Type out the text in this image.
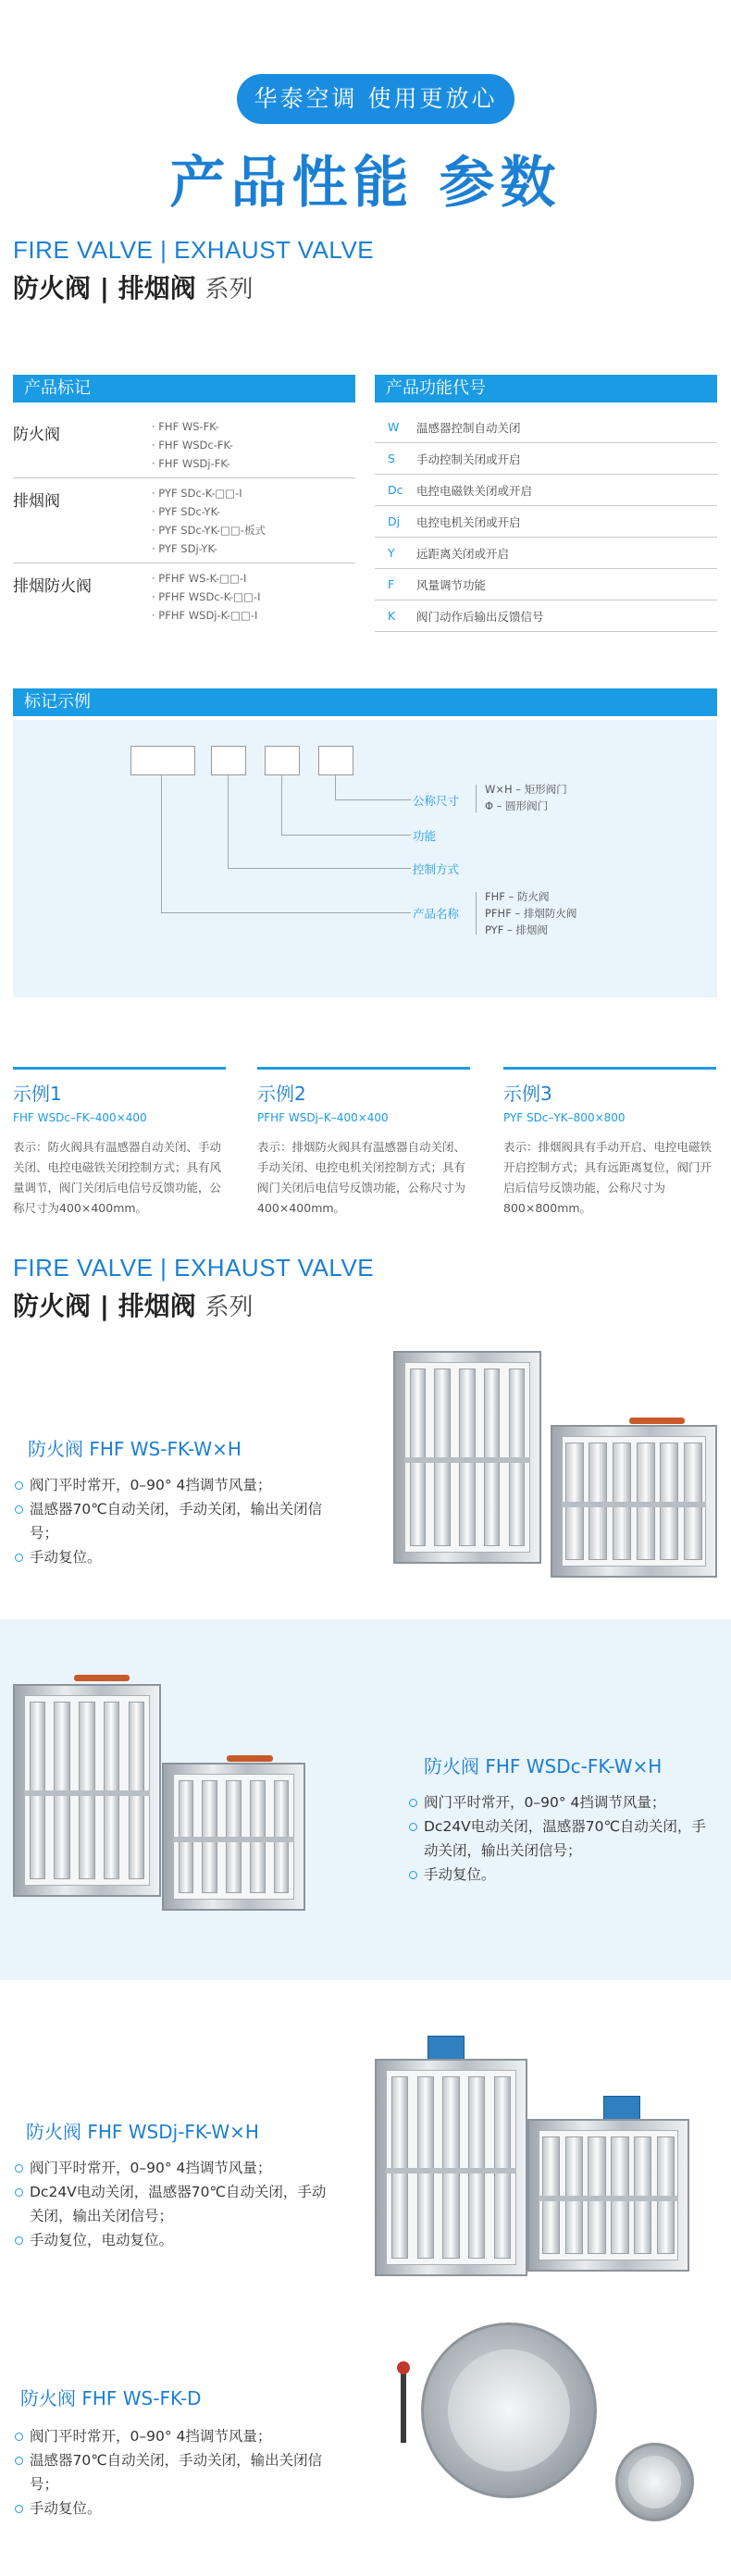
华泰空调 使用更放心
产品性能 参数
FIRE VALVE | EXHAUST VALVE
防火阀 | 排烟阀 系列
产品标记
防火阀	· FHF WS-FK-
· FHF WSDc-FK-
· FHF WSDj-FK-
排烟阀	· PYF SDc-K-□□-I
· PYF SDc-YK-
· PYF SDc-YK-□□-板式
· PYF SDj-YK-
排烟防火阀	· PFHF WS-K-□□-I
· PFHF WSDc-K-□□-I
· PFHF WSDj-K-□□-I
产品功能代号
W	温感器控制自动关闭
S	手动控制关闭或开启
Dc	电控电磁铁关闭或开启
Dj	电控电机关闭或开启
Y	远距离关闭或开启
F	风量调节功能
K	阀门动作后输出反馈信号
标记示例
公称尺寸
W×H – 矩形阀门
Φ – 圆形阀门
功能
控制方式
产品名称
FHF – 防火阀
PFHF – 排烟防火阀
PYF – 排烟阀
示例1
FHF WSDc–FK–400×400
表示：防火阀具有温感器自动关闭、手动关闭、电控电磁铁关闭控制方式；具有风量调节，阀门关闭后电信号反馈功能，公称尺寸为400×400mm。
示例2
PFHF WSDj–K–400×400
表示：排烟防火阀具有温感器自动关闭、手动关闭、电控电机关闭控制方式；具有阀门关闭后电信号反馈功能，公称尺寸为400×400mm。
示例3
PYF SDc–YK–800×800
表示：排烟阀具有手动开启、电控电磁铁开启控制方式；具有远距离复位，阀门开启后信号反馈功能，公称尺寸为800×800mm。
FIRE VALVE | EXHAUST VALVE
防火阀 | 排烟阀 系列
防火阀 FHF WS-FK-W×H
阀门平时常开，0–90° 4挡调节风量；
温感器70℃自动关闭，手动关闭，输出关闭信号；
手动复位。
防火阀 FHF WSDc-FK-W×H
阀门平时常开，0–90° 4挡调节风量；
Dc24V电动关闭，温感器70℃自动关闭，手动关闭，输出关闭信号；
手动复位。
防火阀 FHF WSDj-FK-W×H
阀门平时常开，0–90° 4挡调节风量；
Dc24V电动关闭，温感器70℃自动关闭，手动关闭，输出关闭信号；
手动复位，电动复位。
防火阀 FHF WS-FK-D
阀门平时常开，0–90° 4挡调节风量；
温感器70℃自动关闭，手动关闭，输出关闭信号；
手动复位。
